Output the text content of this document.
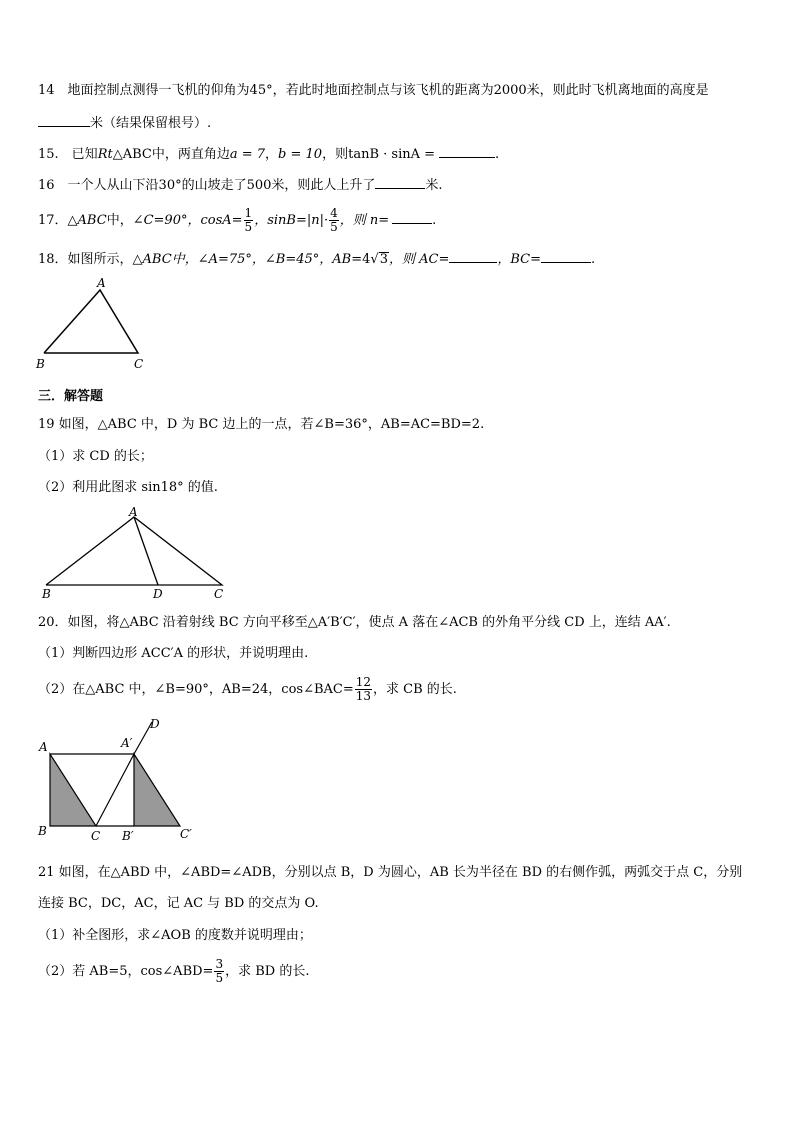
14　地面控制点测得一飞机的仰角为45°，若此时地面控制点与该飞机的距离为2000米，则此时飞机离地面的高度是
米（结果保留根号）.
15.　已知Rt△ABC中，两直角边a = 7，b = 10，则tanB · sinA =	.
16　一个人从山下沿30°的山坡走了500米，则此人上升了	米.
17．△ABC中，∠C=90°，$\cos A= \frac{1}{5}$ ，$\sin B=|n|\cdot \frac{4}{5}$ ，则 n=	.
18．如图所示，△ABC中，∠A=75°，∠B=45°，AB=4√3，则 AC=	，BC=	.
A
B	C
三．解答题
19 如图，△ABC 中，D 为 BC 边上的一点，若∠B=36°，AB=AC=BD=2.
（1）求 CD 的长；
（2）利用此图求 sin18° 的值.
A
B	D	C
20．如图，将△ABC 沿着射线 BC 方向平移至△A′B′C′，使点 A 落在∠ACB 的外角平分线 CD 上，连结 AA′.
（1）判断四边形 ACC′A 的形状，并说明理由.
（2）在△ABC 中，∠B=90°，AB=24，cos∠BAC= $\frac{12}{13}$ ，求 CB 的长.
A	A′
D
B	C B′	C′
21 如图，在△ABD 中，∠ABD=∠ADB，分别以点 B，D 为圆心，AB 长为半径在 BD 的右侧作弧，两弧交于点 C，分别
连接 BC，DC，AC，记 AC 与 BD 的交点为 O.
（1）补全图形，求∠AOB 的度数并说明理由；
（2）若 AB=5，cos∠ABD= $\frac{3}{5}$ ，求 BD 的长.
